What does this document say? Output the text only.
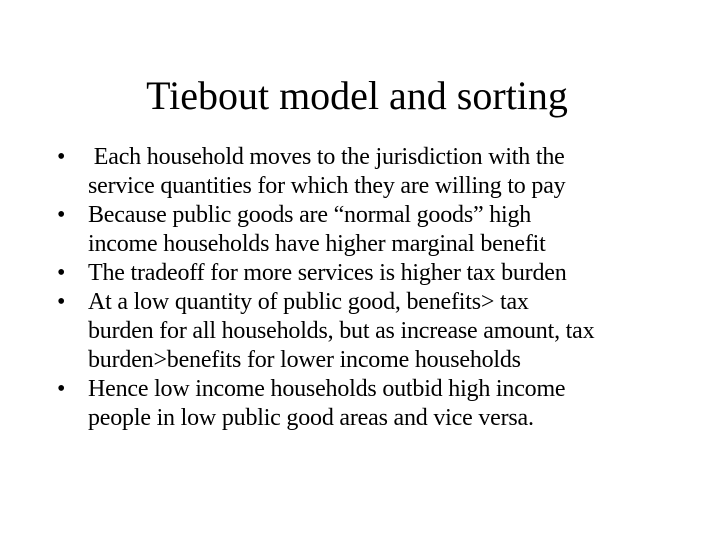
Tiebout model and sorting
• Each household moves to the jurisdiction with the
service quantities for which they are willing to pay
• Because public goods are “normal goods” high
income households have higher marginal benefit
• The tradeoff for more services is higher tax burden
• At a low quantity of public good, benefits> tax
burden for all households, but as increase amount, tax
burden>benefits for lower income households
• Hence low income households outbid high income
people in low public good areas and vice versa.
